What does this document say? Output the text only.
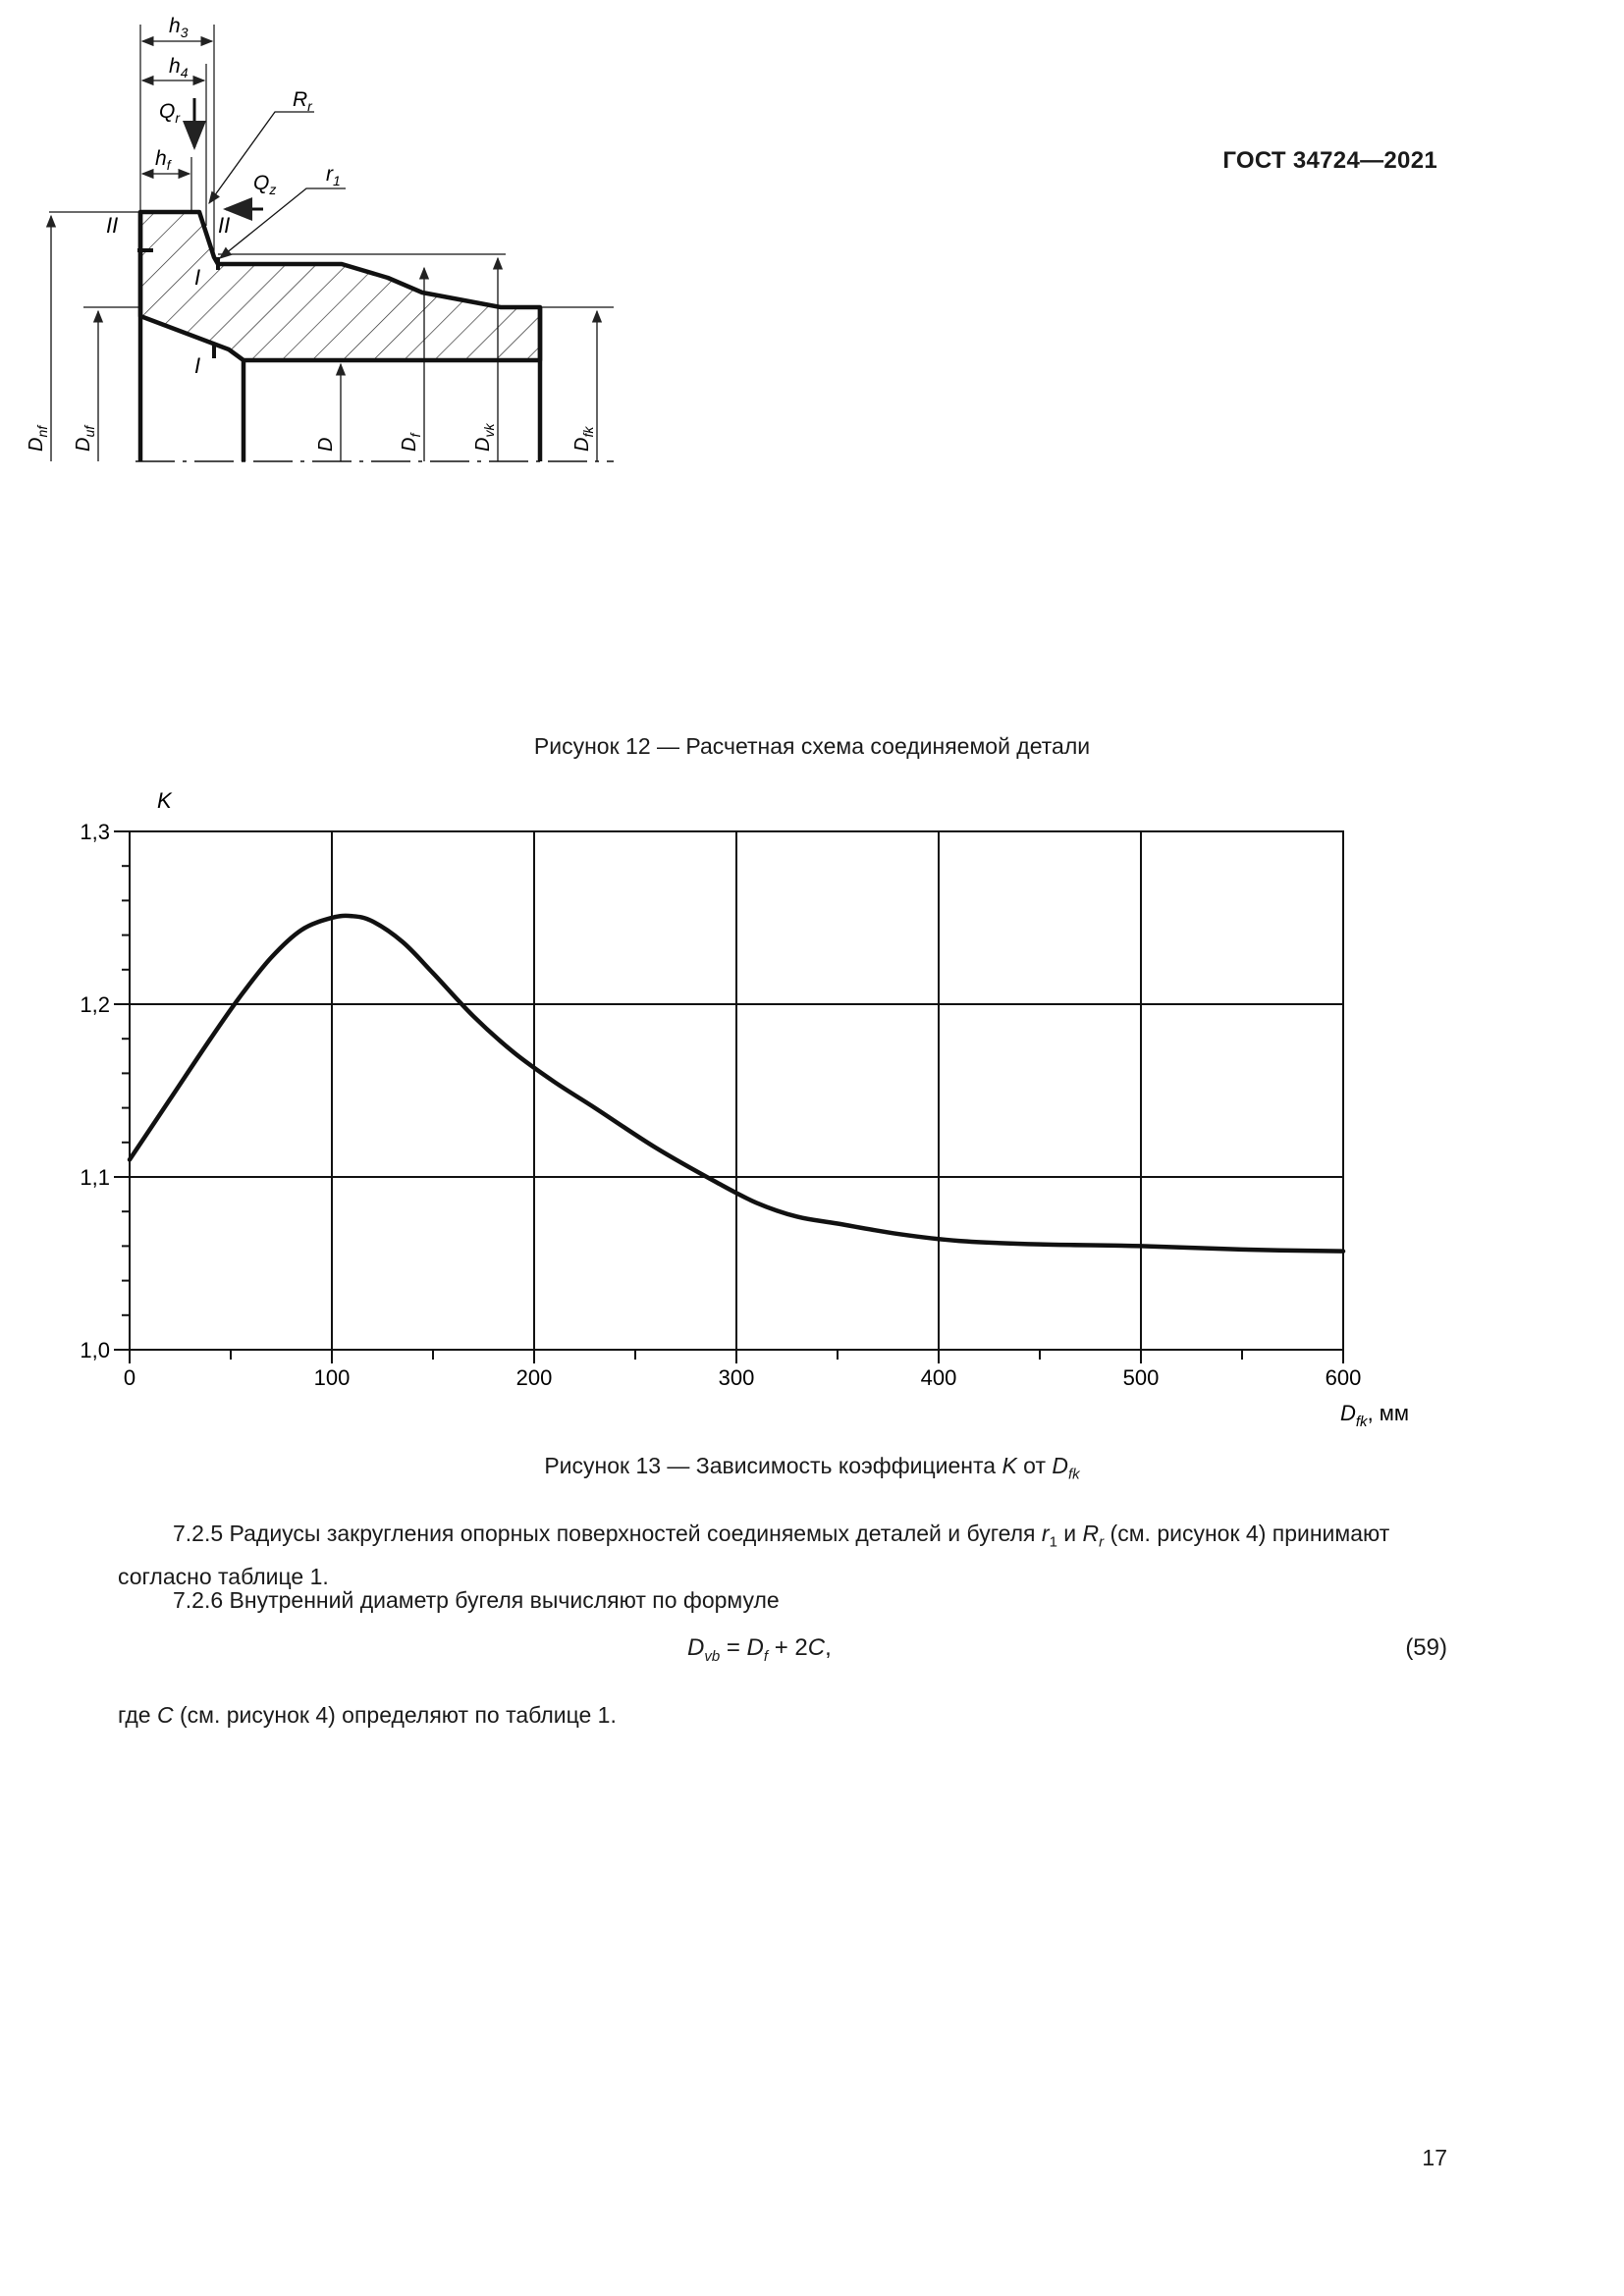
ГОСТ 34724—2021
$h_3$
$h_4$
$Q_r$
$h_f$
$R_r$
$Q_z$
$r_1$
II	II
I
I
$D_{nf}$
$D_{uf}$
D	$D_f$
$D_{vk}$
$D_{fk}$
Рисунок 12 — Расчетная схема соединяемой детали
0	100	200	300	400	500	600
1,0
1,1
1,2
1,3
K
$D_{fk}$, мм
Рисунок 13 — Зависимость коэффициента K от $D_{fk}$
7.2.5 Радиусы закругления опорных поверхностей соединяемых деталей и бугеля $r_1$ и $R_r$ (см. рисунок 4) принимают согласно таблице 1.
7.2.6 Внутренний диаметр бугеля вычисляют по формуле
$D_{vb} = D_f + 2C$,	(59)
где C (см. рисунок 4) определяют по таблице 1.
17
